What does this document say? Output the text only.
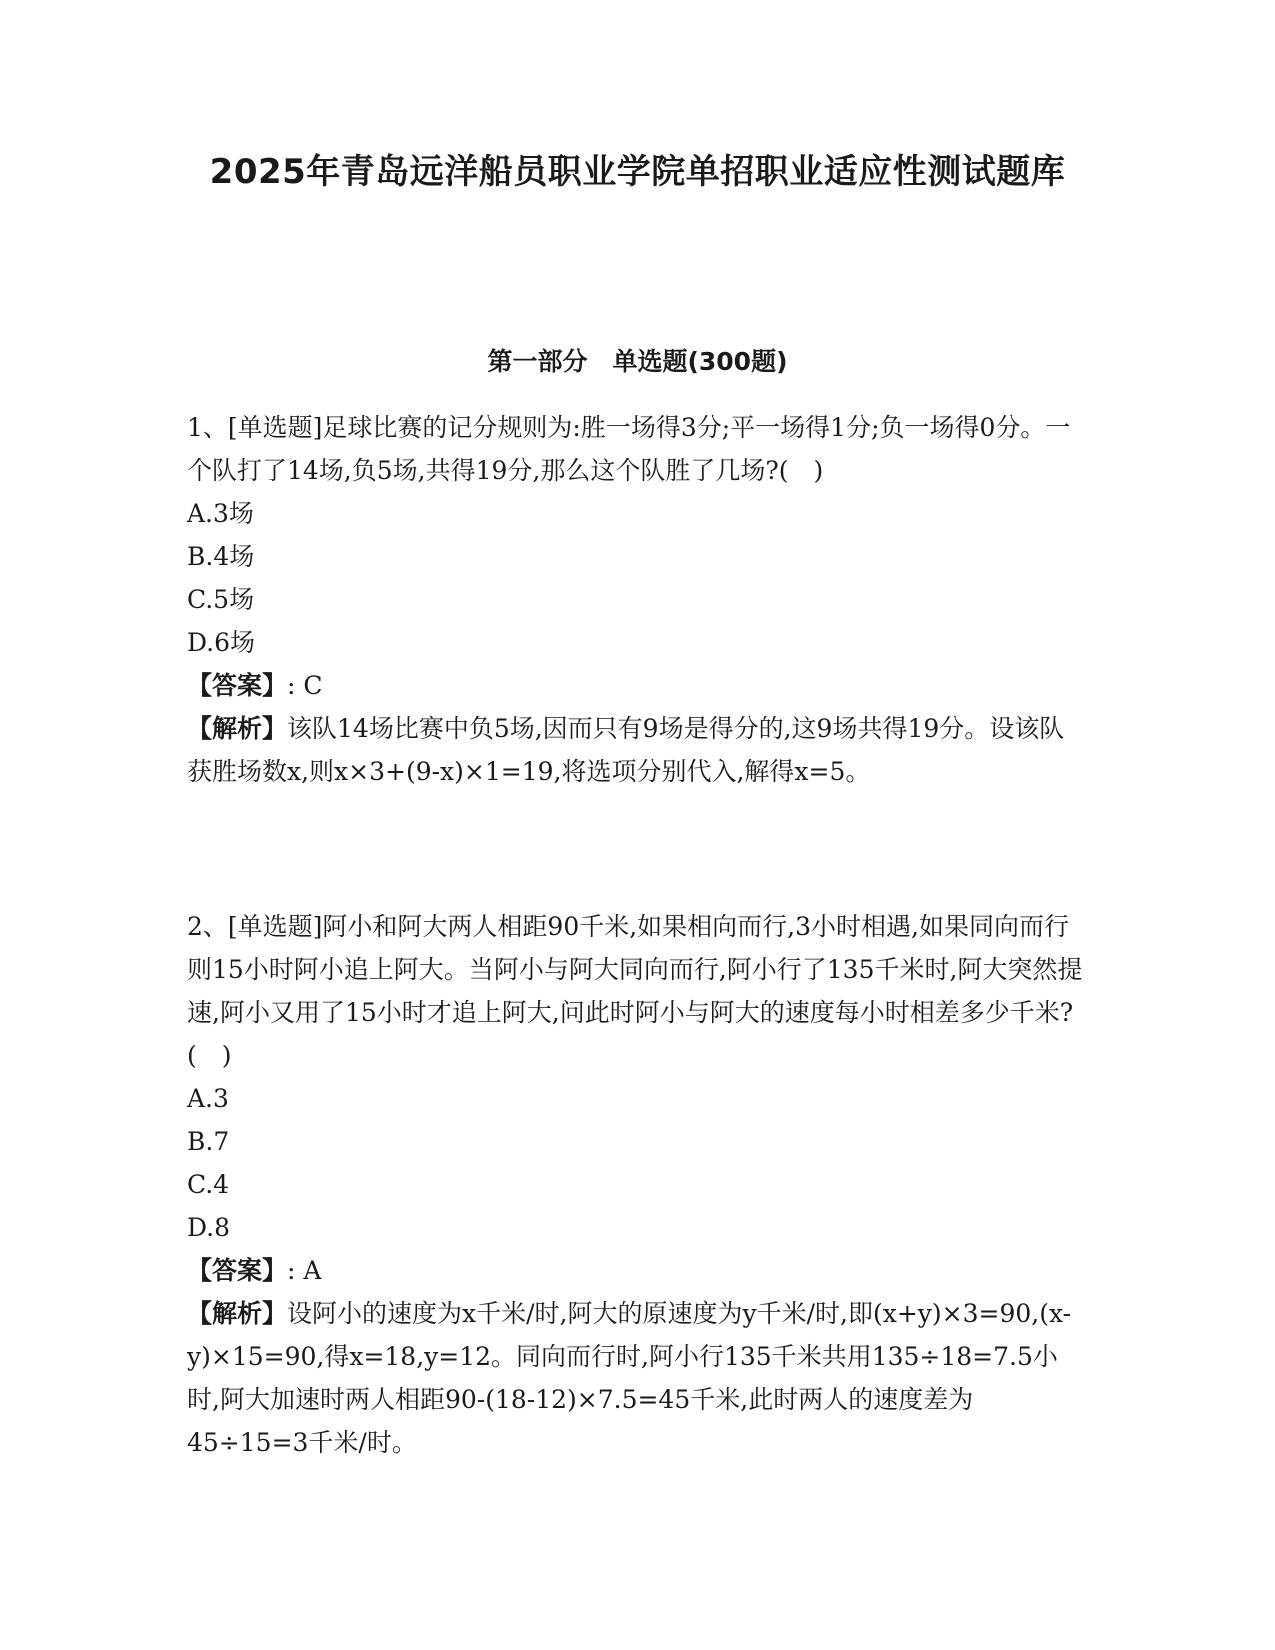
2025年青岛远洋船员职业学院单招职业适应性测试题库
第一部分　单选题(300题)

1、[单选题]足球比赛的记分规则为:胜一场得3分;平一场得1分;负一场得0分。一个队打了14场,负5场,共得19分,那么这个队胜了几场?(　)

A.3场
B.4场
C.5场
D.6场

【答案】: C

【解析】该队14场比赛中负5场,因而只有9场是得分的,这9场共得19分。设该队获胜场数x,则x×3+(9-x)×1=19,将选项分别代入,解得x=5。

2、[单选题]阿小和阿大两人相距90千米,如果相向而行,3小时相遇,如果同向而行则15小时阿小追上阿大。当阿小与阿大同向而行,阿小行了135千米时,阿大突然提速,阿小又用了15小时才追上阿大,问此时阿小与阿大的速度每小时相差多少千米?(　)

A.3
B.7
C.4
D.8

【答案】: A

【解析】设阿小的速度为x千米/时,阿大的原速度为y千米/时,即(x+y)×3=90,(x-y)×15=90,得x=18,y=12。同向而行时,阿小行135千米共用135÷18=7.5小时,阿大加速时两人相距90-(18-12)×7.5=45千米,此时两人的速度差为45÷15=3千米/时。
